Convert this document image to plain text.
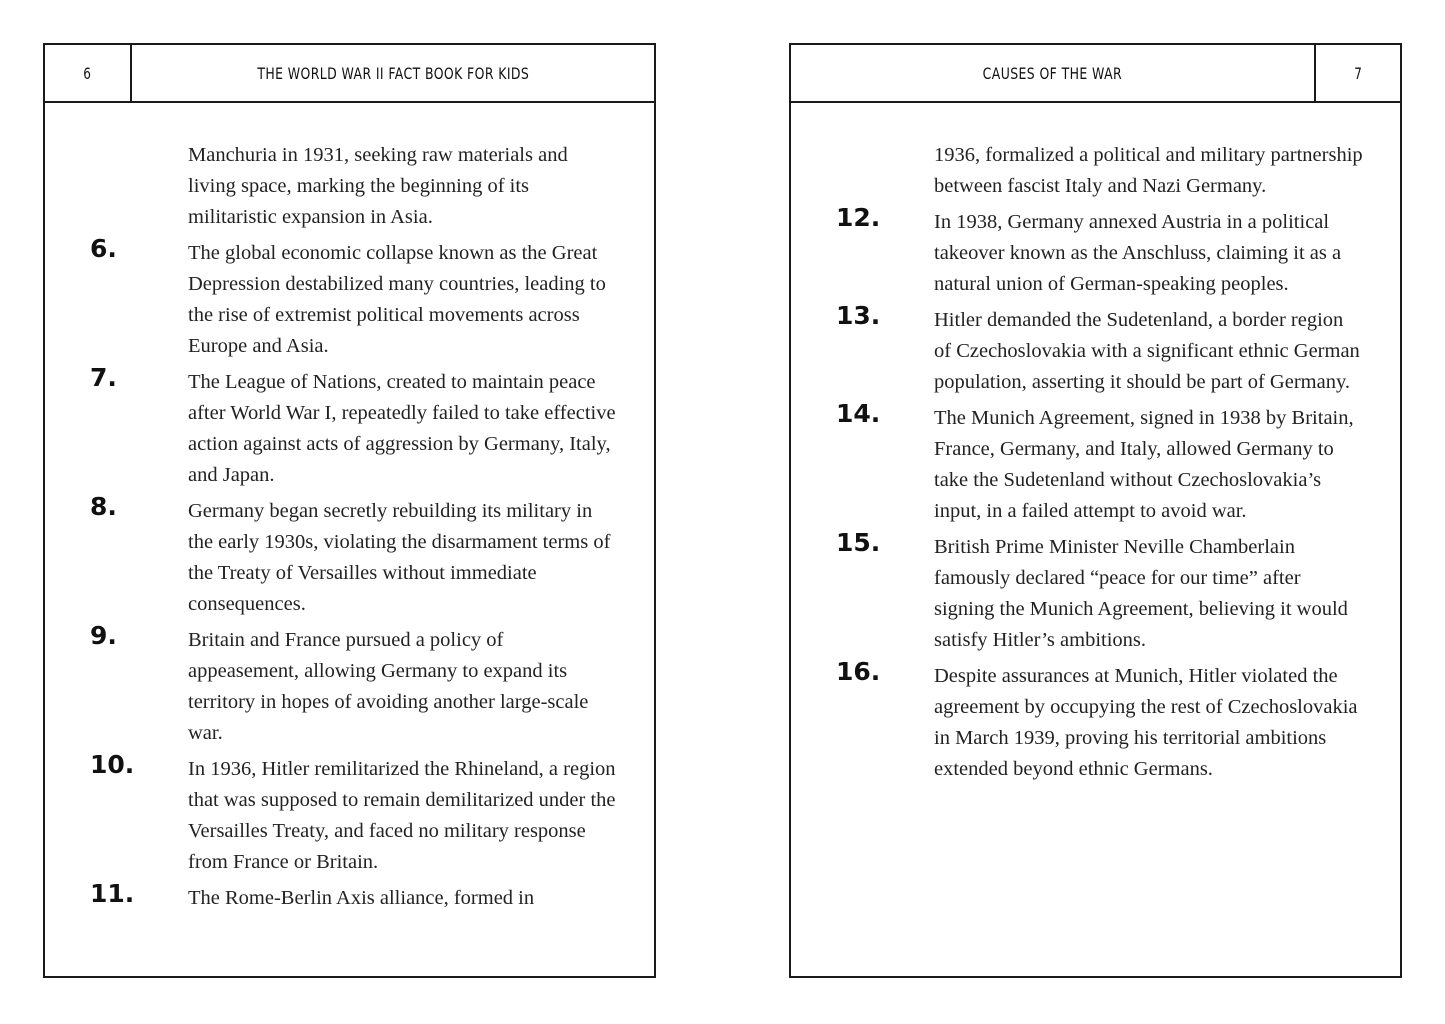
6	THE WORLD WAR II FACT BOOK FOR KIDS
Manchuria in 1931, seeking raw materials and living space, marking the beginning of its militaristic expansion in Asia.
6.	The global economic collapse known as the Great Depression destabilized many countries, leading to the rise of extremist political movements across Europe and Asia.
7.	The League of Nations, created to maintain peace after World War I, repeatedly failed to take effective action against acts of aggression by Germany, Italy, and Japan.
8.	Germany began secretly rebuilding its military in the early 1930s, violating the disarmament terms of the Treaty of Versailles without immediate consequences.
9.	Britain and France pursued a policy of appeasement, allowing Germany to expand its territory in hopes of avoiding another large-scale war.
10.	In 1936, Hitler remilitarized the Rhineland, a region that was supposed to remain demilitarized under the Versailles Treaty, and faced no military response from France or Britain.
11.	The Rome-Berlin Axis alliance, formed in
CAUSES OF THE WAR	7
1936, formalized a political and military partnership between fascist Italy and Nazi Germany.
12.	In 1938, Germany annexed Austria in a political takeover known as the Anschluss, claiming it as a natural union of German-speaking peoples.
13.	Hitler demanded the Sudetenland, a border region of Czechoslovakia with a significant ethnic German population, asserting it should be part of Germany.
14.	The Munich Agreement, signed in 1938 by Britain, France, Germany, and Italy, allowed Germany to take the Sudetenland without Czechoslovakia’s input, in a failed attempt to avoid war.
15.	British Prime Minister Neville Chamberlain famously declared “peace for our time” after signing the Munich Agreement, believing it would satisfy Hitler’s ambitions.
16.	Despite assurances at Munich, Hitler violated the agreement by occupying the rest of Czechoslovakia in March 1939, proving his territorial ambitions extended beyond ethnic Germans.
